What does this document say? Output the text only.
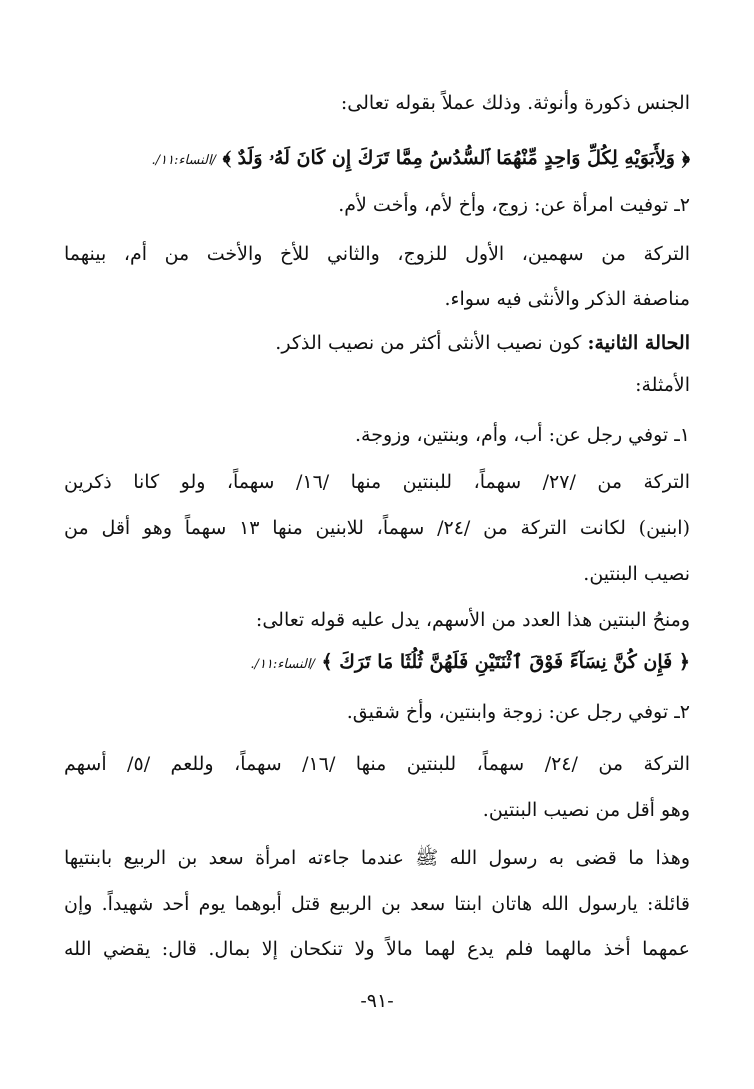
الجنس ذكورة وأنوثة. وذلك عملاً بقوله تعالى:
﴿ وَلِأَبَوَيْهِ لِكُلِّ وَاحِدٍ مِّنْهُمَا ٱلسُّدُسُ مِمَّا تَرَكَ إِن كَانَ لَهُۥ وَلَدٌ ﴾ /النساء:١١/.
٢ـ توفيت امرأة عن: زوج، وأخ لأم، وأخت لأم.
التركة من سهمين، الأول للزوج، والثاني للأخ والأخت من أم، بينهما
مناصفة الذكر والأنثى فيه سواء.
الحالة الثانية: كون نصيب الأنثى أكثر من نصيب الذكر.
الأمثلة:
١ـ توفي رجل عن: أب، وأم، وبنتين، وزوجة.
التركة من /٢٧/ سهماً، للبنتين منها /١٦/ سهماً، ولو كانا ذكرين
(ابنين) لكانت التركة من /٢٤/ سهماً، للابنين منها ١٣ سهماً وهو أقل من
نصيب البنتين.
ومنحُ البنتين هذا العدد من الأسهم، يدل عليه قوله تعالى:
﴿ فَإِن كُنَّ نِسَآءً فَوْقَ ٱثْنَتَيْنِ فَلَهُنَّ ثُلُثَا مَا تَرَكَ ﴾ /النساء:١١/.
٢ـ توفي رجل عن: زوجة وابنتين، وأخ شقيق.
التركة من /٢٤/ سهماً، للبنتين منها /١٦/ سهماً، وللعم /٥/ أسهم
وهو أقل من نصيب البنتين.
وهذا ما قضى به رسول الله ﷺ عندما جاءته امرأة سعد بن الربيع بابنتيها
قائلة: يارسول الله هاتان ابنتا سعد بن الربيع قتل أبوهما يوم أحد شهيداً. وإن
عمهما أخذ مالهما فلم يدع لهما مالاً ولا تنكحان إلا بمال. قال: يقضي الله
-٩١-
